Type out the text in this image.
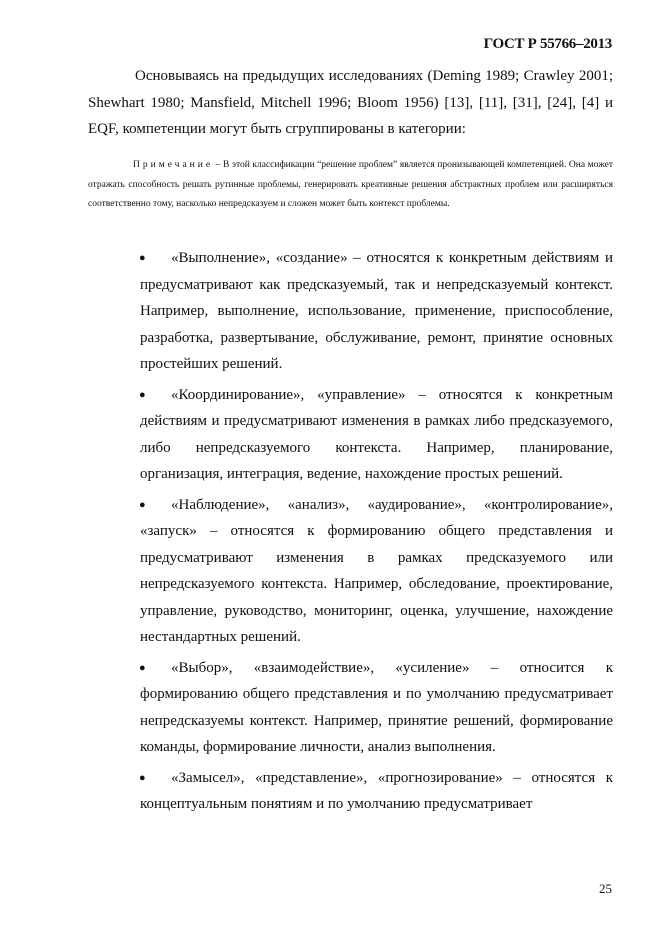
ГОСТ Р 55766–2013

Основываясь на предыдущих исследованиях (Deming 1989; Crawley 2001; Shewhart 1980; Mansfield, Mitchell 1996; Bloom 1956) [13], [11], [31], [24], [4] и EQF, компетенции могут быть сгруппированы в категории:

Примечание – В этой классификации “решение проблем” является пронизывающей компетенцией. Она может отражать способность решать рутинные проблемы, генерировать креативные решения абстрактных проблем или расширяться соответственно тому, насколько непредсказуем и сложен может быть контекст проблемы.

● «Выполнение», «создание» – относятся к конкретным действиям и предусматривают как предсказуемый, так и непредсказуемый контекст. Например, выполнение, использование, применение, приспособление, разработка, развертывание, обслуживание, ремонт, принятие основных простейших решений.
● «Координирование», «управление» – относятся к конкретным действиям и предусматривают изменения в рамках либо предсказуемого, либо непредсказуемого контекста. Например, планирование, организация, интеграция, ведение, нахождение простых решений.
● «Наблюдение», «анализ», «аудирование», «контролирование», «запуск» – относятся к формированию общего представления и предусматривают изменения в рамках предсказуемого или непредсказуемого контекста. Например, обследование, проектирование, управление, руководство, мониторинг, оценка, улучшение, нахождение нестандартных решений.
● «Выбор», «взаимодействие», «усиление» – относится к формированию общего представления и по умолчанию предусматривает непредсказуемы контекст. Например, принятие решений, формирование команды, формирование личности, анализ выполнения.
● «Замысел», «представление», «прогнозирование» – относятся к концептуальным понятиям и по умолчанию предусматривает
25
